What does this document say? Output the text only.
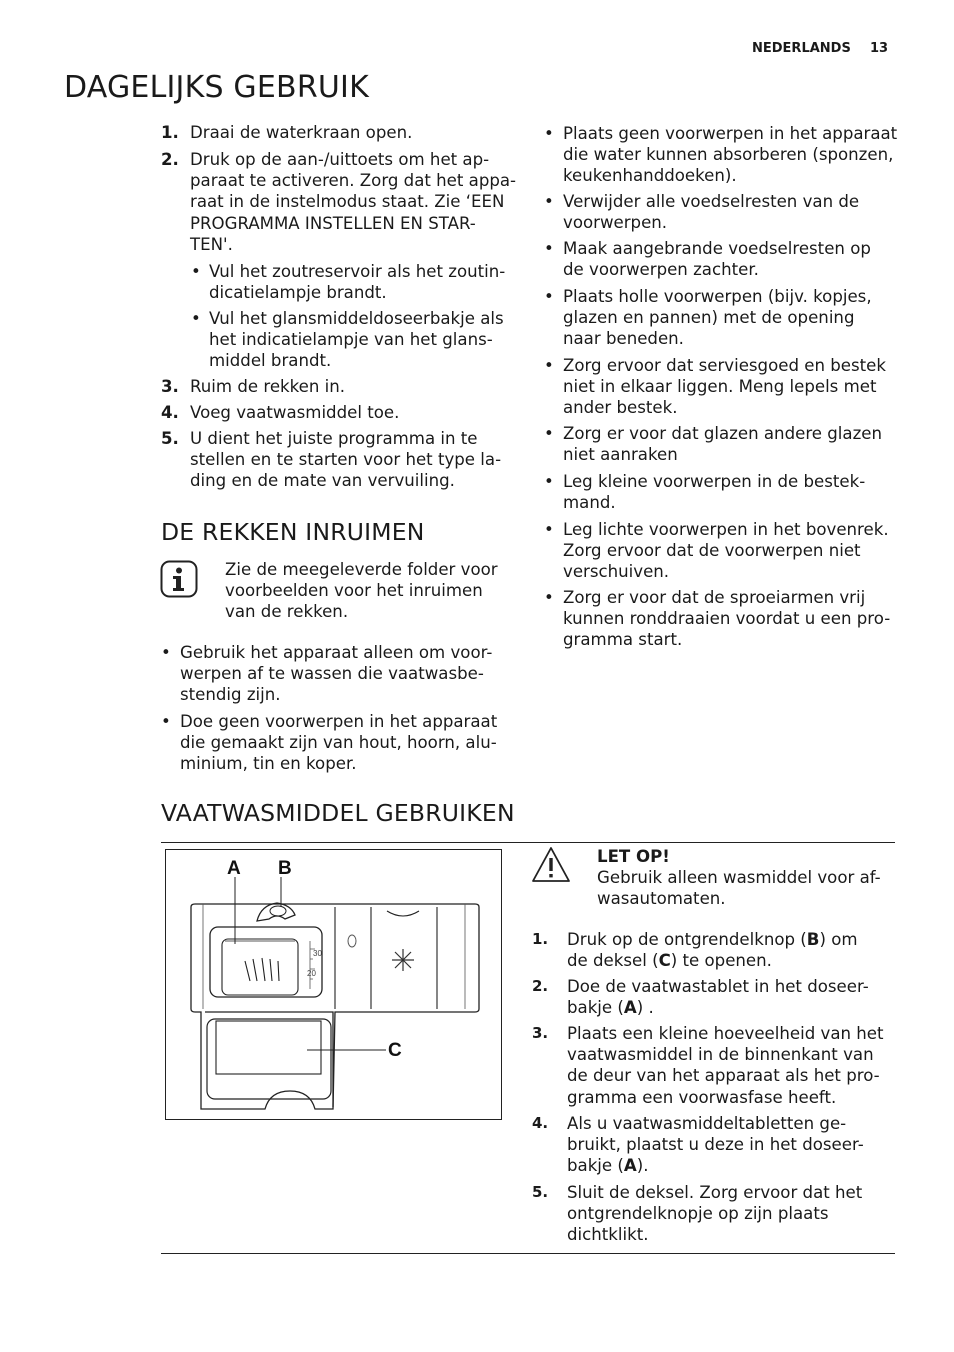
NEDERLANDS 13
DAGELIJKS GEBRUIK
1. Draai de waterkraan open.
2. Druk op de aan-/uittoets om het ap-
paraat te activeren. Zorg dat het appa-
raat in de instelmodus staat. Zie ‘EEN
PROGRAMMA INSTELLEN EN STAR-
TEN'.
3. Ruim de rekken in.
4. Voeg vaatwasmiddel toe.
5. U dient het juiste programma in te
stellen en te starten voor het type la-
ding en de mate van vervuiling.
• Vul het zoutreservoir als het zoutin-
dicatielampje brandt.
• Vul het glansmiddeldoseerbakje als
het indicatielampje van het glans-
middel brandt.
DE REKKEN INRUIMEN
Zie de meegeleverde folder voor
voorbeelden voor het inruimen
van de rekken.
• Gebruik het apparaat alleen om voor-
werpen af te wassen die vaatwasbe-
stendig zijn.
• Doe geen voorwerpen in het apparaat
die gemaakt zijn van hout, hoorn, alu-
minium, tin en koper.
• Plaats geen voorwerpen in het apparaat
die water kunnen absorberen (sponzen,
keukenhanddoeken).
• Verwijder alle voedselresten van de
voorwerpen.
• Maak aangebrande voedselresten op
de voorwerpen zachter.
• Plaats holle voorwerpen (bijv. kopjes,
glazen en pannen) met de opening
naar beneden.
• Zorg ervoor dat serviesgoed en bestek
niet in elkaar liggen. Meng lepels met
ander bestek.
• Zorg er voor dat glazen andere glazen
niet aanraken
• Leg kleine voorwerpen in de bestek-
mand.
• Leg lichte voorwerpen in het bovenrek.
Zorg ervoor dat de voorwerpen niet
verschuiven.
• Zorg er voor dat de sproeiarmen vrij
kunnen ronddraaien voordat u een pro-
gramma start.
VAATWASMIDDEL GEBRUIKEN
A B
C
30
20
LET OP!
Gebruik alleen wasmiddel voor af-
wasautomaten.
1. Druk op de ontgrendelknop (B) om
de deksel (C) te openen.
2. Doe de vaatwastablet in het doseer-
bakje (A) .
3. Plaats een kleine hoeveelheid van het
vaatwasmiddel in de binnenkant van
de deur van het apparaat als het pro-
gramma een voorwasfase heeft.
4. Als u vaatwasmiddeltabletten ge-
bruikt, plaatst u deze in het doseer-
bakje (A).
5. Sluit de deksel. Zorg ervoor dat het
ontgrendelknopje op zijn plaats
dichtklikt.
